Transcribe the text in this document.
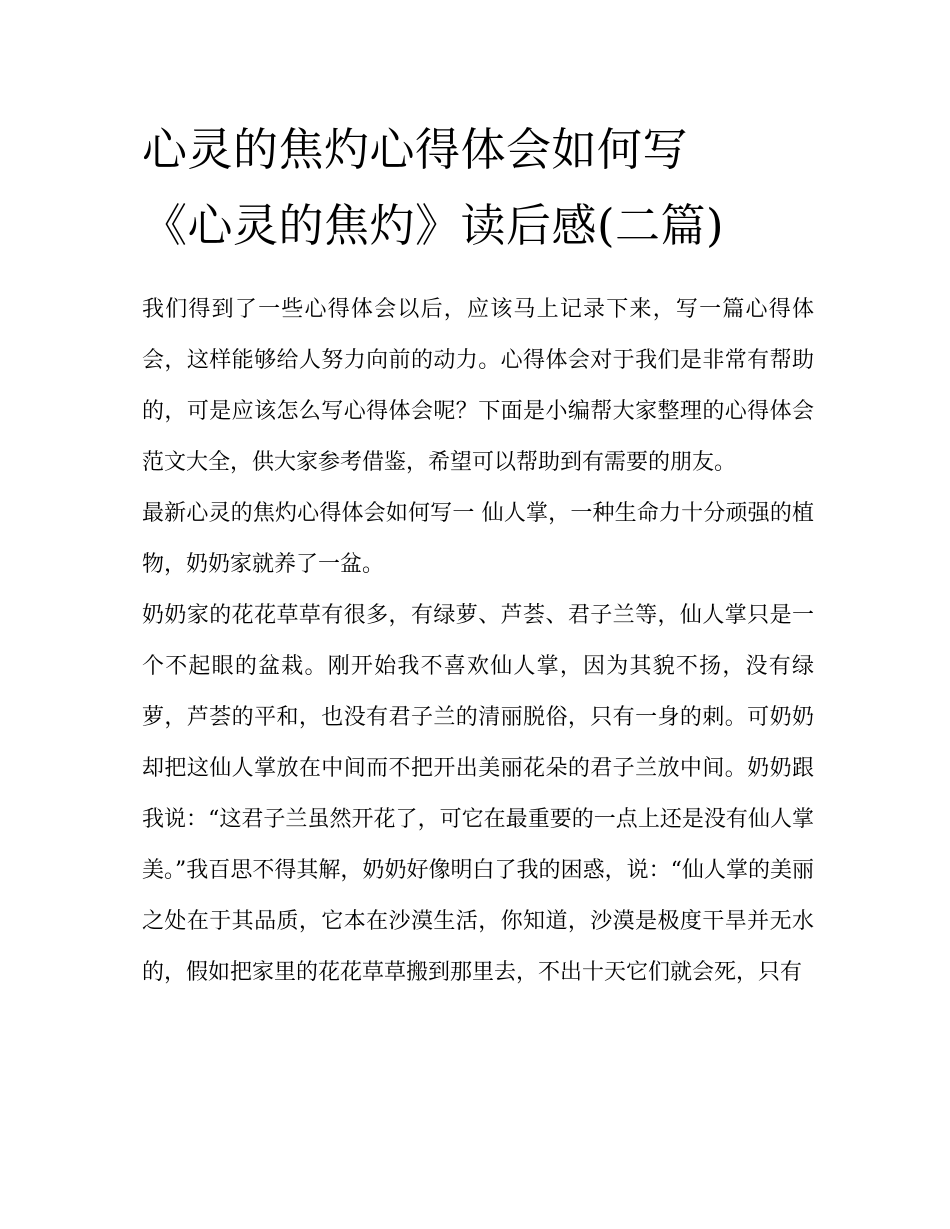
心灵的焦灼心得体会如何写
《心灵的焦灼》读后感(二篇)

我们得到了一些心得体会以后，应该马上记录下来，写一篇心得体会，这样能够给人努力向前的动力。心得体会对于我们是非常有帮助的，可是应该怎么写心得体会呢？下面是小编帮大家整理的心得体会范文大全，供大家参考借鉴，希望可以帮助到有需要的朋友。

最新心灵的焦灼心得体会如何写一 仙人掌，一种生命力十分顽强的植物，奶奶家就养了一盆。

奶奶家的花花草草有很多，有绿萝、芦荟、君子兰等，仙人掌只是一个不起眼的盆栽。刚开始我不喜欢仙人掌，因为其貌不扬，没有绿萝，芦荟的平和，也没有君子兰的清丽脱俗，只有一身的刺。可奶奶却把这仙人掌放在中间而不把开出美丽花朵的君子兰放中间。奶奶跟我说：“这君子兰虽然开花了，可它在最重要的一点上还是没有仙人掌美。”我百思不得其解，奶奶好像明白了我的困惑，说：“仙人掌的美丽之处在于其品质，它本在沙漠生活，你知道，沙漠是极度干旱并无水的，假如把家里的花花草草搬到那里去，不出十天它们就会死，只有
